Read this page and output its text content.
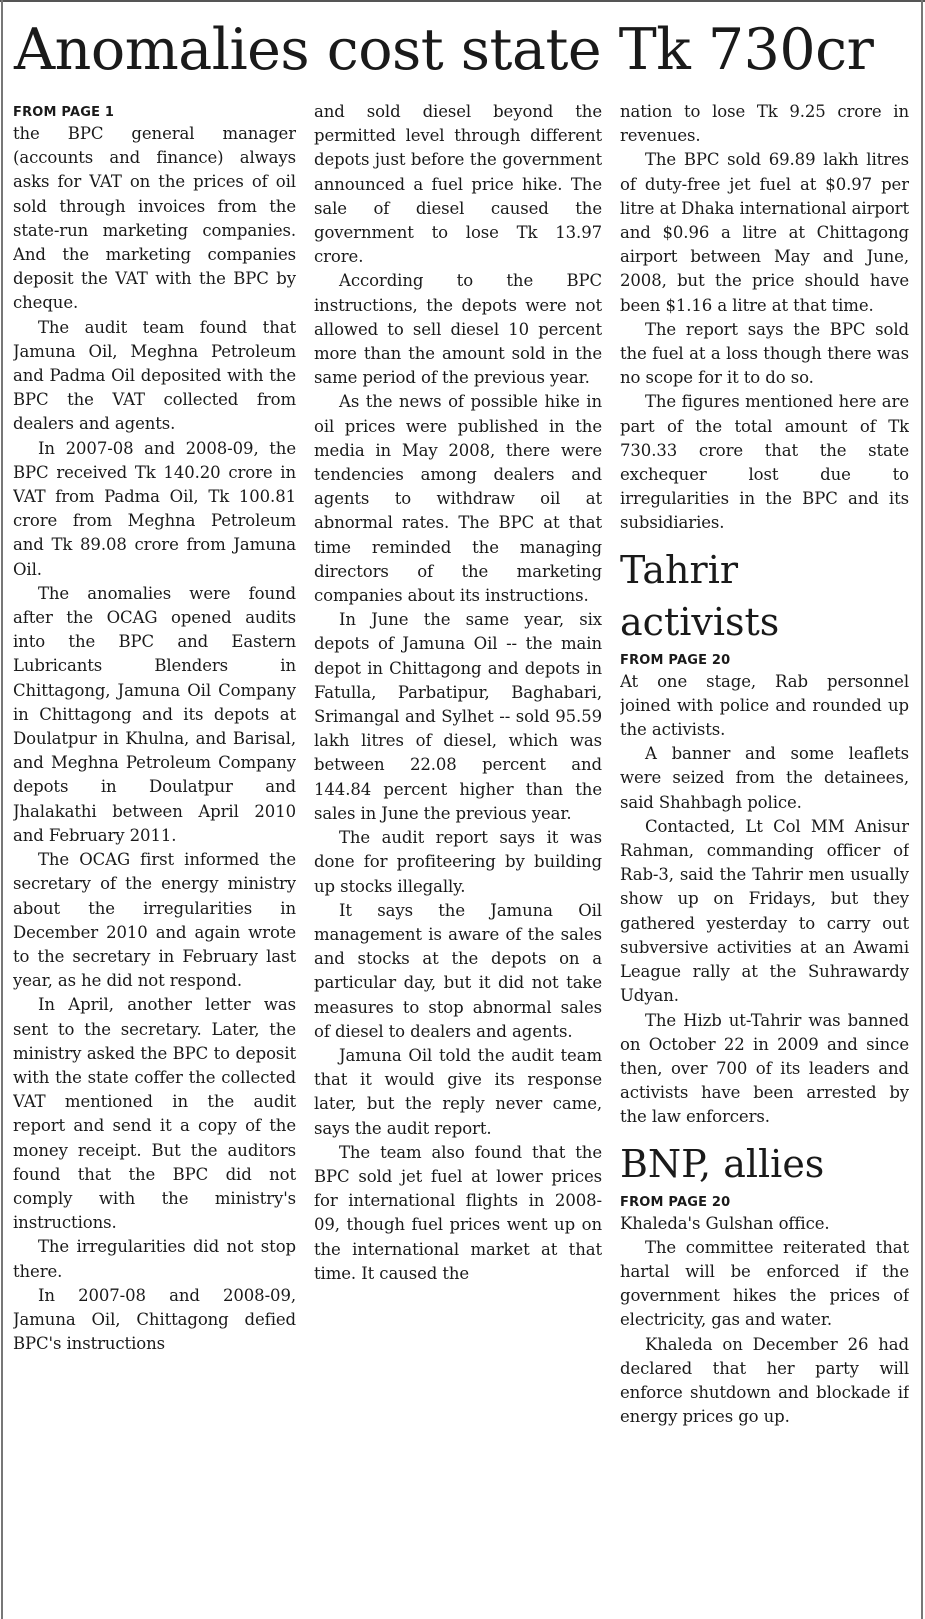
Anomalies cost state Tk 730cr
FROM PAGE 1

the BPC general manager (accounts and finance) always asks for VAT on the prices of oil sold through invoices from the state-run marketing companies. And the marketing companies deposit the VAT with the BPC by cheque.

The audit team found that Jamuna Oil, Meghna Petroleum and Padma Oil deposited with the BPC the VAT collected from dealers and agents.

In 2007-08 and 2008-09, the BPC received Tk 140.20 crore in VAT from Padma Oil, Tk 100.81 crore from Meghna Petroleum and Tk 89.08 crore from Jamuna Oil.

The anomalies were found after the OCAG opened audits into the BPC and Eastern Lubricants Blenders in Chittagong, Jamuna Oil Company in Chittagong and its depots at Doulatpur in Khulna, and Barisal, and Meghna Petroleum Company depots in Doulatpur and Jhalakathi between April 2010 and February 2011.

The OCAG first informed the secretary of the energy ministry about the irregularities in December 2010 and again wrote to the secretary in February last year, as he did not respond.

In April, another letter was sent to the secretary. Later, the ministry asked the BPC to deposit with the state coffer the collected VAT mentioned in the audit report and send it a copy of the money receipt. But the auditors found that the BPC did not comply with the ministry's instructions.

The irregularities did not stop there.

In 2007-08 and 2008-09, Jamuna Oil, Chittagong defied BPC's instructions

and sold diesel beyond the permitted level through different depots just before the government announced a fuel price hike. The sale of diesel caused the government to lose Tk 13.97 crore.

According to the BPC instructions, the depots were not allowed to sell diesel 10 percent more than the amount sold in the same period of the previous year.

As the news of possible hike in oil prices were published in the media in May 2008, there were tendencies among dealers and agents to withdraw oil at abnormal rates. The BPC at that time reminded the managing directors of the marketing companies about its instructions.

In June the same year, six depots of Jamuna Oil -- the main depot in Chittagong and depots in Fatulla, Parbatipur, Baghabari, Srimangal and Sylhet -- sold 95.59 lakh litres of diesel, which was between 22.08 percent and 144.84 percent higher than the sales in June the previous year.

The audit report says it was done for profiteering by building up stocks illegally.

It says the Jamuna Oil management is aware of the sales and stocks at the depots on a particular day, but it did not take measures to stop abnormal sales of diesel to dealers and agents.

Jamuna Oil told the audit team that it would give its response later, but the reply never came, says the audit report.

The team also found that the BPC sold jet fuel at lower prices for international flights in 2008-09, though fuel prices went up on the international market at that time. It caused the

nation to lose Tk 9.25 crore in revenues.

The BPC sold 69.89 lakh litres of duty-free jet fuel at $0.97 per litre at Dhaka international airport and $0.96 a litre at Chittagong airport between May and June, 2008, but the price should have been $1.16 a litre at that time.

The report says the BPC sold the fuel at a loss though there was no scope for it to do so.

The figures mentioned here are part of the total amount of Tk 730.33 crore that the state exchequer lost due to irregularities in the BPC and its subsidiaries.

Tahrir activists
FROM PAGE 20

At one stage, Rab personnel joined with police and rounded up the activists.

A banner and some leaflets were seized from the detainees, said Shahbagh police.

Contacted, Lt Col MM Anisur Rahman, commanding officer of Rab-3, said the Tahrir men usually show up on Fridays, but they gathered yesterday to carry out subversive activities at an Awami League rally at the Suhrawardy Udyan.

The Hizb ut-Tahrir was banned on October 22 in 2009 and since then, over 700 of its leaders and activists have been arrested by the law enforcers.

BNP, allies
FROM PAGE 20

Khaleda's Gulshan office.

The committee reiterated that hartal will be enforced if the government hikes the prices of electricity, gas and water.

Khaleda on December 26 had declared that her party will enforce shutdown and blockade if energy prices go up.
